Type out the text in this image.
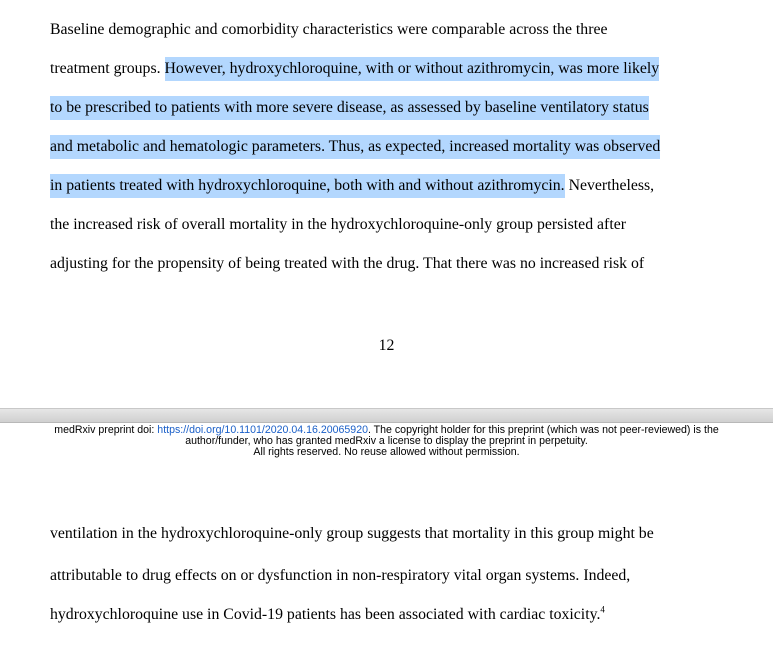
Baseline demographic and comorbidity characteristics were comparable across the three
treatment groups. However, hydroxychloroquine, with or without azithromycin, was more likely
to be prescribed to patients with more severe disease, as assessed by baseline ventilatory status
and metabolic and hematologic parameters. Thus, as expected, increased mortality was observed
in patients treated with hydroxychloroquine, both with and without azithromycin. Nevertheless,
the increased risk of overall mortality in the hydroxychloroquine-only group persisted after
adjusting for the propensity of being treated with the drug. That there was no increased risk of
12
medRxiv preprint doi: https://doi.org/10.1101/2020.04.16.20065920. The copyright holder for this preprint (which was not peer-reviewed) is the
author/funder, who has granted medRxiv a license to display the preprint in perpetuity.
All rights reserved. No reuse allowed without permission.
ventilation in the hydroxychloroquine-only group suggests that mortality in this group might be
attributable to drug effects on or dysfunction in non-respiratory vital organ systems. Indeed,
hydroxychloroquine use in Covid-19 patients has been associated with cardiac toxicity.$^4$
